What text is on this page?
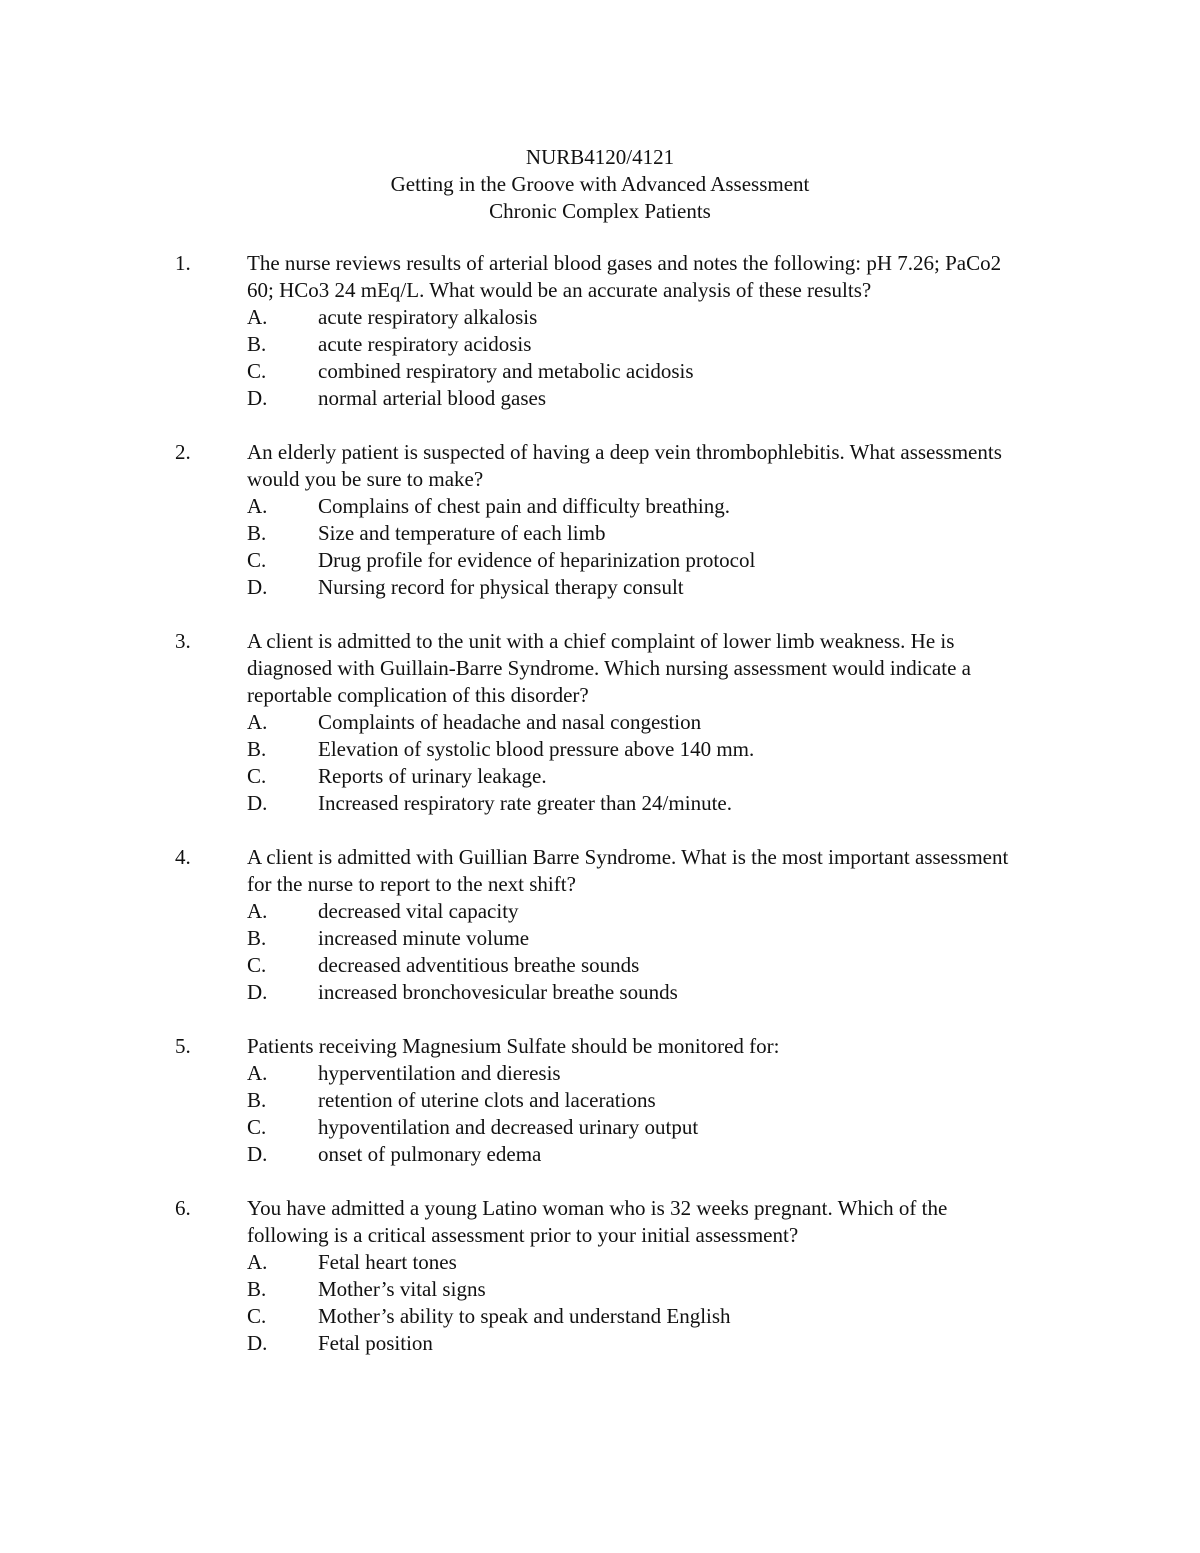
NURB4120/4121
Getting in the Groove with Advanced Assessment
Chronic Complex Patients
1.	The nurse reviews results of arterial blood gases and notes the following: pH 7.26; PaCo2 60; HCo3 24 mEq/L. What would be an accurate analysis of these results?
A. acute respiratory alkalosis
B. acute respiratory acidosis
C. combined respiratory and metabolic acidosis
D. normal arterial blood gases
2.	An elderly patient is suspected of having a deep vein thrombophlebitis. What assessments would you be sure to make?
A. Complains of chest pain and difficulty breathing.
B. Size and temperature of each limb
C. Drug profile for evidence of heparinization protocol
D. Nursing record for physical therapy consult
3.	A client is admitted to the unit with a chief complaint of lower limb weakness. He is diagnosed with Guillain-Barre Syndrome. Which nursing assessment would indicate a reportable complication of this disorder?
A. Complaints of headache and nasal congestion
B. Elevation of systolic blood pressure above 140 mm.
C. Reports of urinary leakage.
D. Increased respiratory rate greater than 24/minute.
4.	A client is admitted with Guillian Barre Syndrome. What is the most important assessment for the nurse to report to the next shift?
A. decreased vital capacity
B. increased minute volume
C. decreased adventitious breathe sounds
D. increased bronchovesicular breathe sounds
5.	Patients receiving Magnesium Sulfate should be monitored for:
A. hyperventilation and dieresis
B. retention of uterine clots and lacerations
C. hypoventilation and decreased urinary output
D. onset of pulmonary edema
6.	You have admitted a young Latino woman who is 32 weeks pregnant. Which of the following is a critical assessment prior to your initial assessment?
A. Fetal heart tones
B. Mother’s vital signs
C. Mother’s ability to speak and understand English
D. Fetal position
